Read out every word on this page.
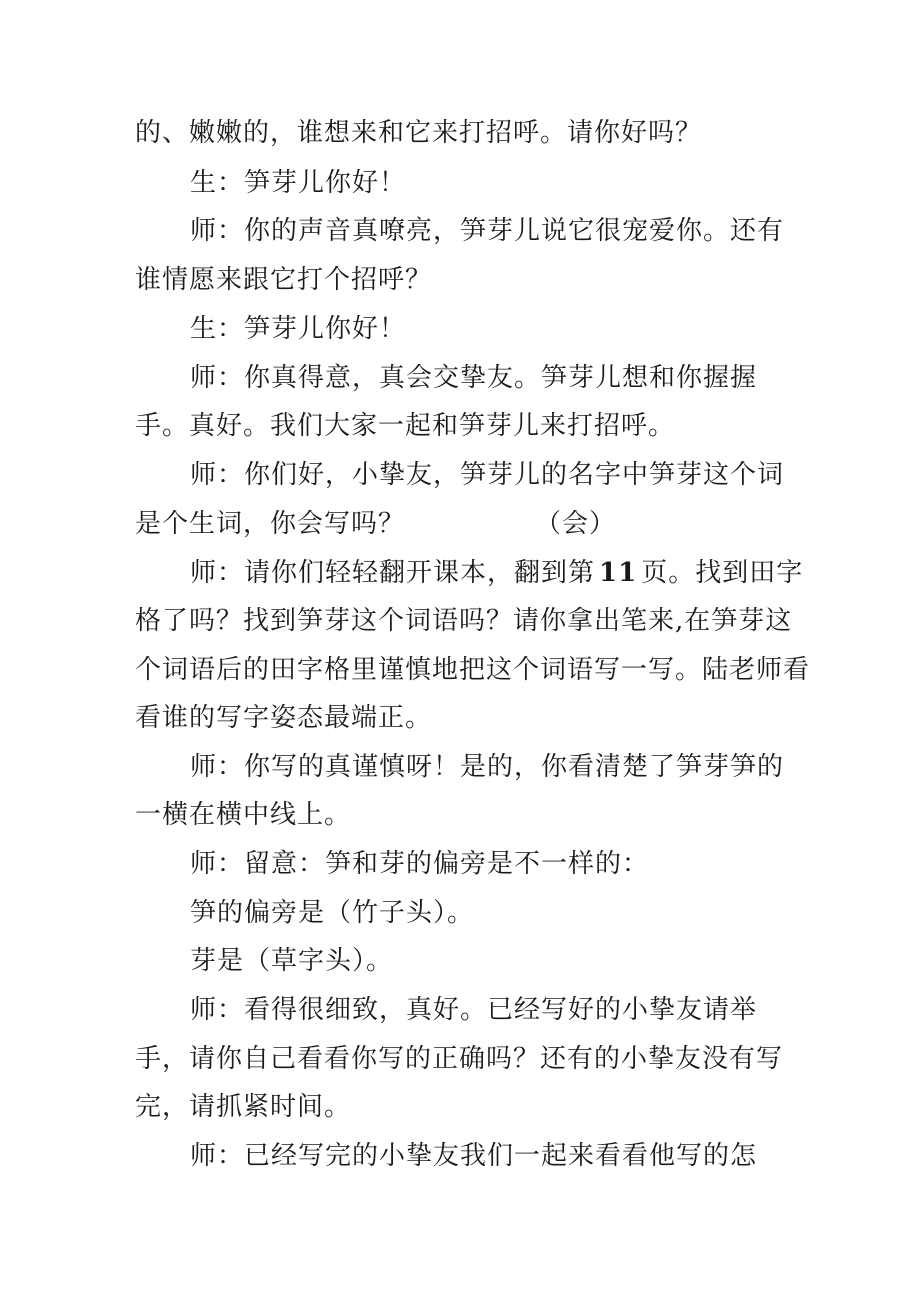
的、嫩嫩的，谁想来和它来打招呼。请你好吗？
生：笋芽儿你好！
师：你的声音真嘹亮，笋芽儿说它很宠爱你。还有
谁情愿来跟它打个招呼？
生：笋芽儿你好！
师：你真得意，真会交挚友。笋芽儿想和你握握
手。真好。我们大家一起和笋芽儿来打招呼。
师：你们好，小挚友，笋芽儿的名字中笋芽这个词
是个生词，你会写吗？	（会）
师：请你们轻轻翻开课本，翻到第 11 页。找到田字
格了吗？找到笋芽这个词语吗？请你拿出笔来,在笋芽这
个词语后的田字格里谨慎地把这个词语写一写。陆老师看
看谁的写字姿态最端正。
师：你写的真谨慎呀！是的，你看清楚了笋芽笋的
一横在横中线上。
师：留意：笋和芽的偏旁是不一样的：
笋的偏旁是（竹子头）。
芽是（草字头）。
师：看得很细致，真好。已经写好的小挚友请举
手，请你自己看看你写的正确吗？还有的小挚友没有写
完，请抓紧时间。
师：已经写完的小挚友我们一起来看看他写的怎
